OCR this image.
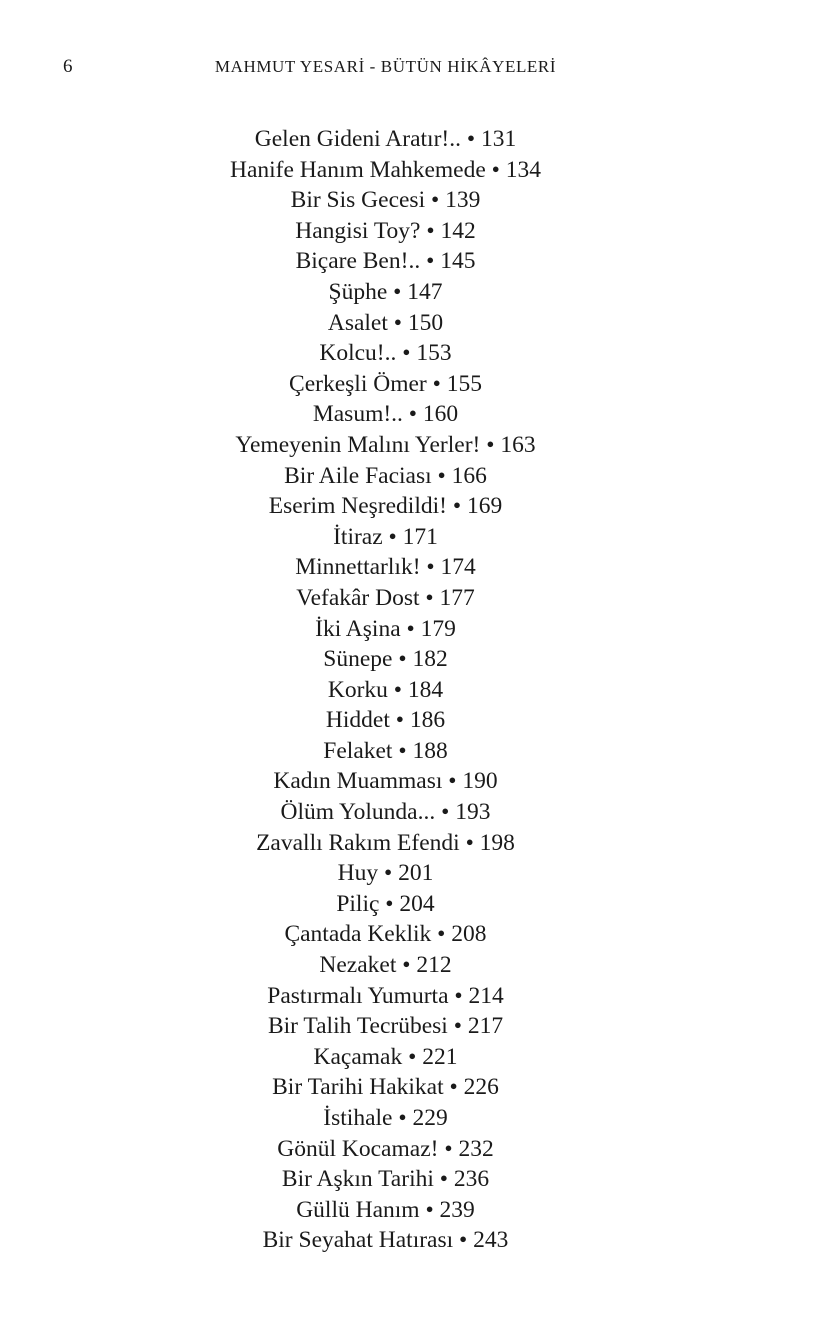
6	MAHMUT YESARİ - BÜTÜN HİKÂYELERİ
Gelen Gideni Aratır!.. • 131
Hanife Hanım Mahkemede • 134
Bir Sis Gecesi • 139
Hangisi Toy? • 142
Biçare Ben!.. • 145
Şüphe • 147
Asalet • 150
Kolcu!.. • 153
Çerkeşli Ömer • 155
Masum!.. • 160
Yemeyenin Malını Yerler! • 163
Bir Aile Faciası • 166
Eserim Neşredildi! • 169
İtiraz • 171
Minnettarlık! • 174
Vefakâr Dost • 177
İki Aşina • 179
Sünepe • 182
Korku • 184
Hiddet • 186
Felaket • 188
Kadın Muamması • 190
Ölüm Yolunda... • 193
Zavallı Rakım Efendi • 198
Huy • 201
Piliç • 204
Çantada Keklik • 208
Nezaket • 212
Pastırmalı Yumurta • 214
Bir Talih Tecrübesi • 217
Kaçamak • 221
Bir Tarihi Hakikat • 226
İstihale • 229
Gönül Kocamaz! • 232
Bir Aşkın Tarihi • 236
Güllü Hanım • 239
Bir Seyahat Hatırası • 243
